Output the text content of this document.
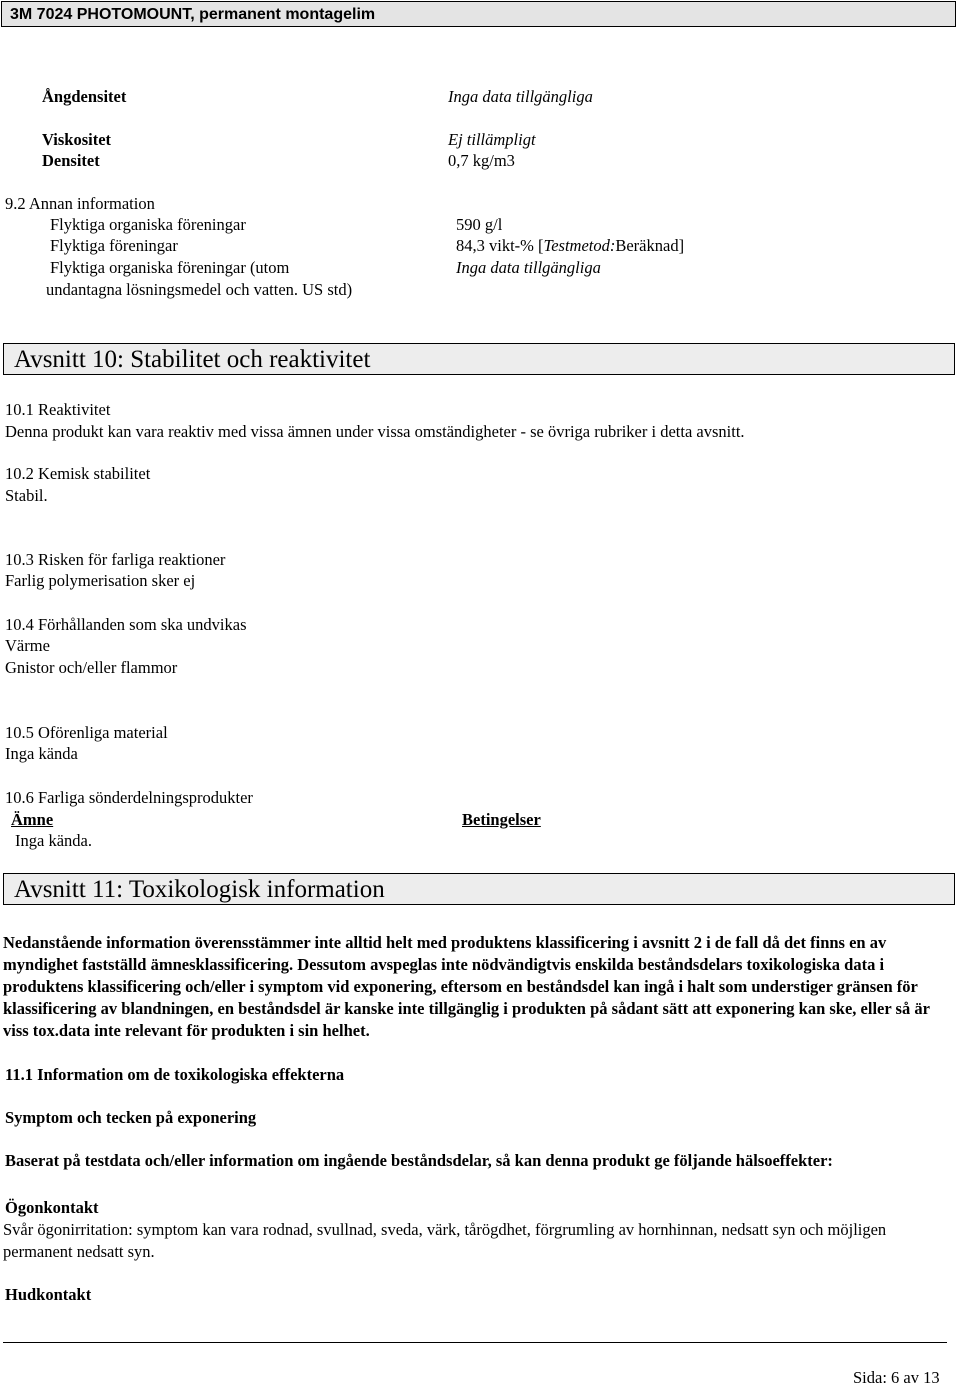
3M 7024 PHOTOMOUNT, permanent montagelim
Ångdensitet	Inga data tillgängliga
Viskositet	Ej tillämpligt
Densitet	0,7 kg/m3
9.2 Annan information
Flyktiga organiska föreningar	590 g/l
Flyktiga föreningar	84,3 vikt-% [Testmetod:Beräknad]
Flyktiga organiska föreningar (utom	Inga data tillgängliga
undantagna lösningsmedel och vatten. US std)
Avsnitt 10: Stabilitet och reaktivitet
10.1 Reaktivitet
Denna produkt kan vara reaktiv med vissa ämnen under vissa omständigheter - se övriga rubriker i detta avsnitt.
10.2 Kemisk stabilitet
Stabil.
10.3 Risken för farliga reaktioner
Farlig polymerisation sker ej
10.4 Förhållanden som ska undvikas
Värme
Gnistor och/eller flammor
10.5 Oförenliga material
Inga kända
10.6 Farliga sönderdelningsprodukter
Ämne	Betingelser
Inga kända.
Avsnitt 11: Toxikologisk information
Nedanstående information överensstämmer inte alltid helt med produktens klassificering i avsnitt 2 i de fall då det finns en av myndighet fastställd ämnesklassificering. Dessutom avspeglas inte nödvändigtvis enskilda beståndsdelars toxikologiska data i produktens klassificering och/eller i symptom vid exponering, eftersom en beståndsdel kan ingå i halt som understiger gränsen för klassificering av blandningen, en beståndsdel är kanske inte tillgänglig i produkten på sådant sätt att exponering kan ske, eller så är viss tox.data inte relevant för produkten i sin helhet.
11.1 Information om de toxikologiska effekterna
Symptom och tecken på exponering
Baserat på testdata och/eller information om ingående beståndsdelar, så kan denna produkt ge följande hälsoeffekter:
Ögonkontakt
Svår ögonirritation: symptom kan vara rodnad, svullnad, sveda, värk, tårögdhet, förgrumling av hornhinnan, nedsatt syn och möjligen permanent nedsatt syn.
Hudkontakt
Sida: 6 av 13
